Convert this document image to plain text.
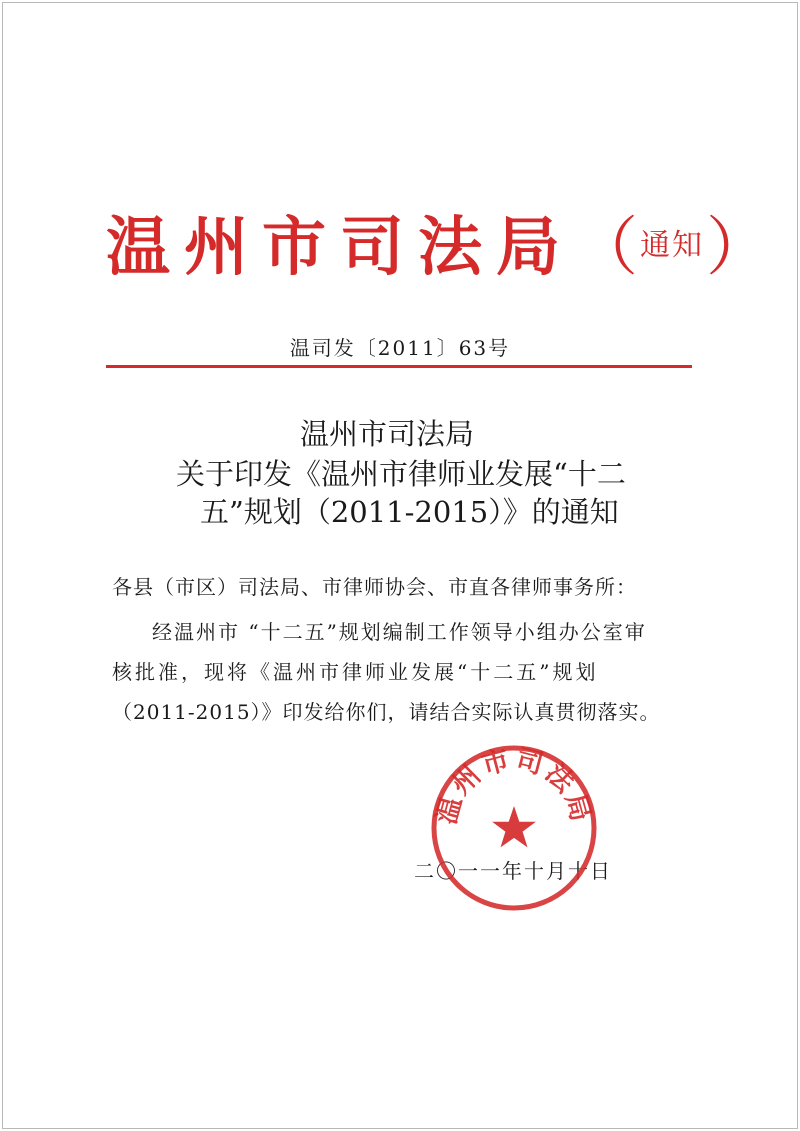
温州市司法局（通知）
温司发〔2011〕63号
温州市司法局
关于印发《温州市律师业发展“十二
五”规划（2011-2015）》的通知
各县（市区）司法局、市律师协会、市直各律师事务所：
经温州市 “十二五”规划编制工作领导小组办公室审
核批准，现将《温州市律师业发展“十二五”规划
（2011-2015）》印发给你们，请结合实际认真贯彻落实。
二〇一一年十月十日
温州市司法局
